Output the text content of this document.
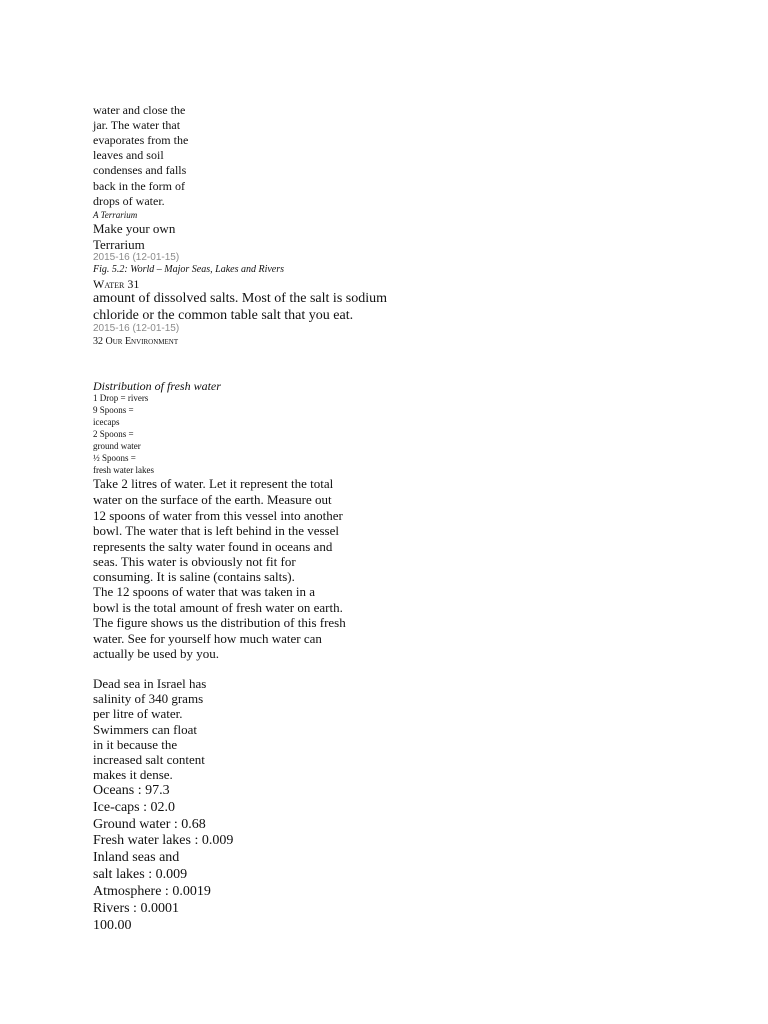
water and close the
jar. The water that
evaporates from the
leaves and soil
condenses and falls
back in the form of
drops of water.
A Terrarium
Make your own
Terrarium
2015-16 (12-01-15)
Fig. 5.2: World – Major Seas, Lakes and Rivers
Water 31
amount of dissolved salts. Most of the salt is sodium
chloride or the common table salt that you eat.
2015-16 (12-01-15)
32 Our Environment
Distribution of fresh water
1 Drop = rivers
9 Spoons =
icecaps
2 Spoons =
ground water
½ Spoons =
fresh water lakes
Take 2 litres of water. Let it represent the total
water on the surface of the earth. Measure out
12 spoons of water from this vessel into another
bowl. The water that is left behind in the vessel
represents the salty water found in oceans and
seas. This water is obviously not fit for
consuming. It is saline (contains salts).
The 12 spoons of water that was taken in a
bowl is the total amount of fresh water on earth.
The figure shows us the distribution of this fresh
water. See for yourself how much water can
actually be used by you.
Dead sea in Israel has
salinity of 340 grams
per litre of water.
Swimmers can float
in it because the
increased salt content
makes it dense.
Oceans : 97.3
Ice-caps : 02.0
Ground water : 0.68
Fresh water lakes : 0.009
Inland seas and
salt lakes : 0.009
Atmosphere : 0.0019
Rivers : 0.0001
100.00
